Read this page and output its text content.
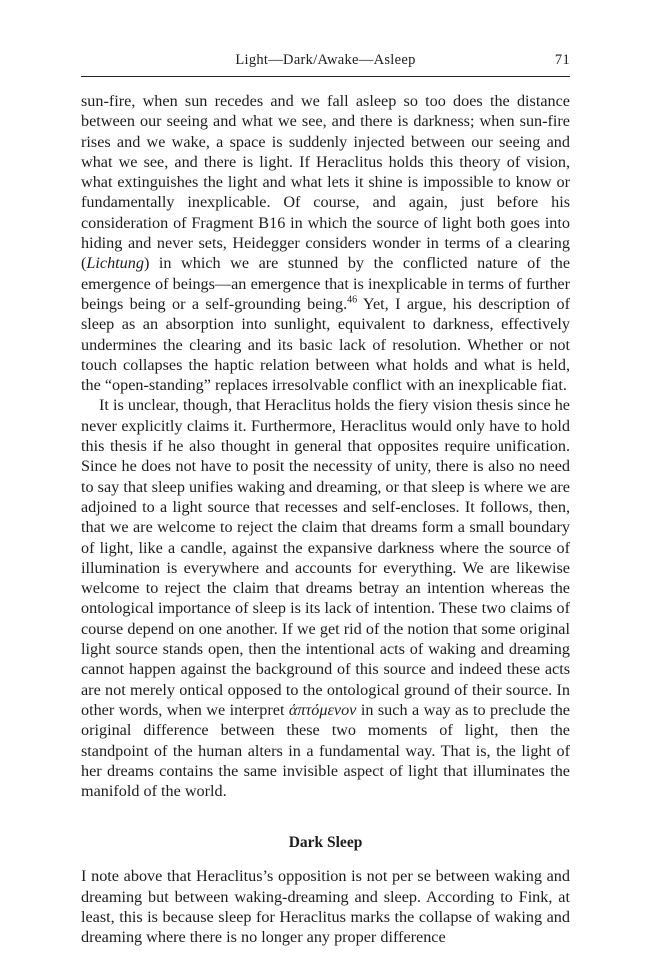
Light—Dark/Awake—Asleep	71

sun-fire, when sun recedes and we fall asleep so too does the distance between our seeing and what we see, and there is darkness; when sun-fire rises and we wake, a space is suddenly injected between our seeing and what we see, and there is light. If Heraclitus holds this theory of vision, what extinguishes the light and what lets it shine is impossible to know or fundamentally inexplicable. Of course, and again, just before his consideration of Fragment B16 in which the source of light both goes into hiding and never sets, Heidegger considers wonder in terms of a clearing (Lichtung) in which we are stunned by the conflicted nature of the emergence of beings—an emergence that is inexplicable in terms of further beings being or a self-grounding being.$^{46}$ Yet, I argue, his description of sleep as an absorption into sunlight, equivalent to darkness, effectively undermines the clearing and its basic lack of resolution. Whether or not touch collapses the haptic relation between what holds and what is held, the “open-standing” replaces irresolvable conflict with an inexplicable fiat.

It is unclear, though, that Heraclitus holds the fiery vision thesis since he never explicitly claims it. Furthermore, Heraclitus would only have to hold this thesis if he also thought in general that opposites require unification. Since he does not have to posit the necessity of unity, there is also no need to say that sleep unifies waking and dreaming, or that sleep is where we are adjoined to a light source that recesses and self-encloses. It follows, then, that we are welcome to reject the claim that dreams form a small boundary of light, like a candle, against the expansive darkness where the source of illumination is everywhere and accounts for everything. We are likewise welcome to reject the claim that dreams betray an intention whereas the ontological importance of sleep is its lack of intention. These two claims of course depend on one another. If we get rid of the notion that some original light source stands open, then the intentional acts of waking and dreaming cannot happen against the background of this source and indeed these acts are not merely ontical opposed to the ontological ground of their source. In other words, when we interpret ἁπτόμενον in such a way as to preclude the original difference between these two moments of light, then the standpoint of the human alters in a fundamental way. That is, the light of her dreams contains the same invisible aspect of light that illuminates the manifold of the world.

Dark Sleep

I note above that Heraclitus’s opposition is not per se between waking and dreaming but between waking-dreaming and sleep. According to Fink, at least, this is because sleep for Heraclitus marks the collapse of waking and dreaming where there is no longer any proper difference
